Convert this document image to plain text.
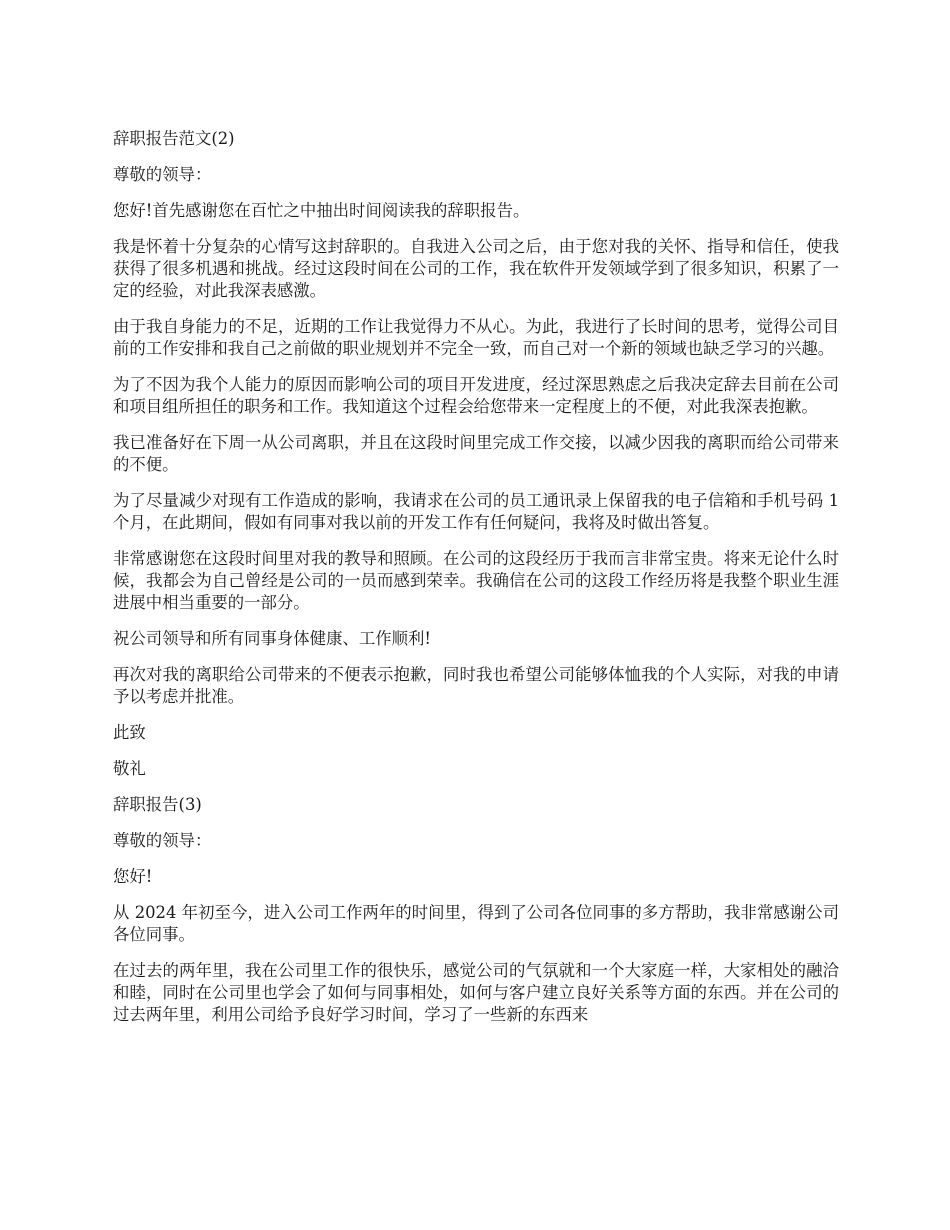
辞职报告范文(2)

尊敬的领导：

您好!首先感谢您在百忙之中抽出时间阅读我的辞职报告。

我是怀着十分复杂的心情写这封辞职的。自我进入公司之后，由于您对我的关怀、指导和信任，使我获得了很多机遇和挑战。经过这段时间在公司的工作，我在软件开发领域学到了很多知识，积累了一定的经验，对此我深表感激。

由于我自身能力的不足，近期的工作让我觉得力不从心。为此，我进行了长时间的思考，觉得公司目前的工作安排和我自己之前做的职业规划并不完全一致，而自己对一个新的领域也缺乏学习的兴趣。

为了不因为我个人能力的原因而影响公司的项目开发进度，经过深思熟虑之后我决定辞去目前在公司和项目组所担任的职务和工作。我知道这个过程会给您带来一定程度上的不便，对此我深表抱歉。

我已准备好在下周一从公司离职，并且在这段时间里完成工作交接，以减少因我的离职而给公司带来的不便。

为了尽量减少对现有工作造成的影响，我请求在公司的员工通讯录上保留我的电子信箱和手机号码 1 个月，在此期间，假如有同事对我以前的开发工作有任何疑问，我将及时做出答复。

非常感谢您在这段时间里对我的教导和照顾。在公司的这段经历于我而言非常宝贵。将来无论什么时候，我都会为自己曾经是公司的一员而感到荣幸。我确信在公司的这段工作经历将是我整个职业生涯进展中相当重要的一部分。

祝公司领导和所有同事身体健康、工作顺利!

再次对我的离职给公司带来的不便表示抱歉，同时我也希望公司能够体恤我的个人实际，对我的申请予以考虑并批准。

此致

敬礼

辞职报告(3)

尊敬的领导：

您好!

从 2024 年初至今，进入公司工作两年的时间里，得到了公司各位同事的多方帮助，我非常感谢公司各位同事。

在过去的两年里，我在公司里工作的很快乐，感觉公司的气氛就和一个大家庭一样，大家相处的融洽和睦，同时在公司里也学会了如何与同事相处，如何与客户建立良好关系等方面的东西。并在公司的过去两年里，利用公司给予良好学习时间，学习了一些新的东西来
